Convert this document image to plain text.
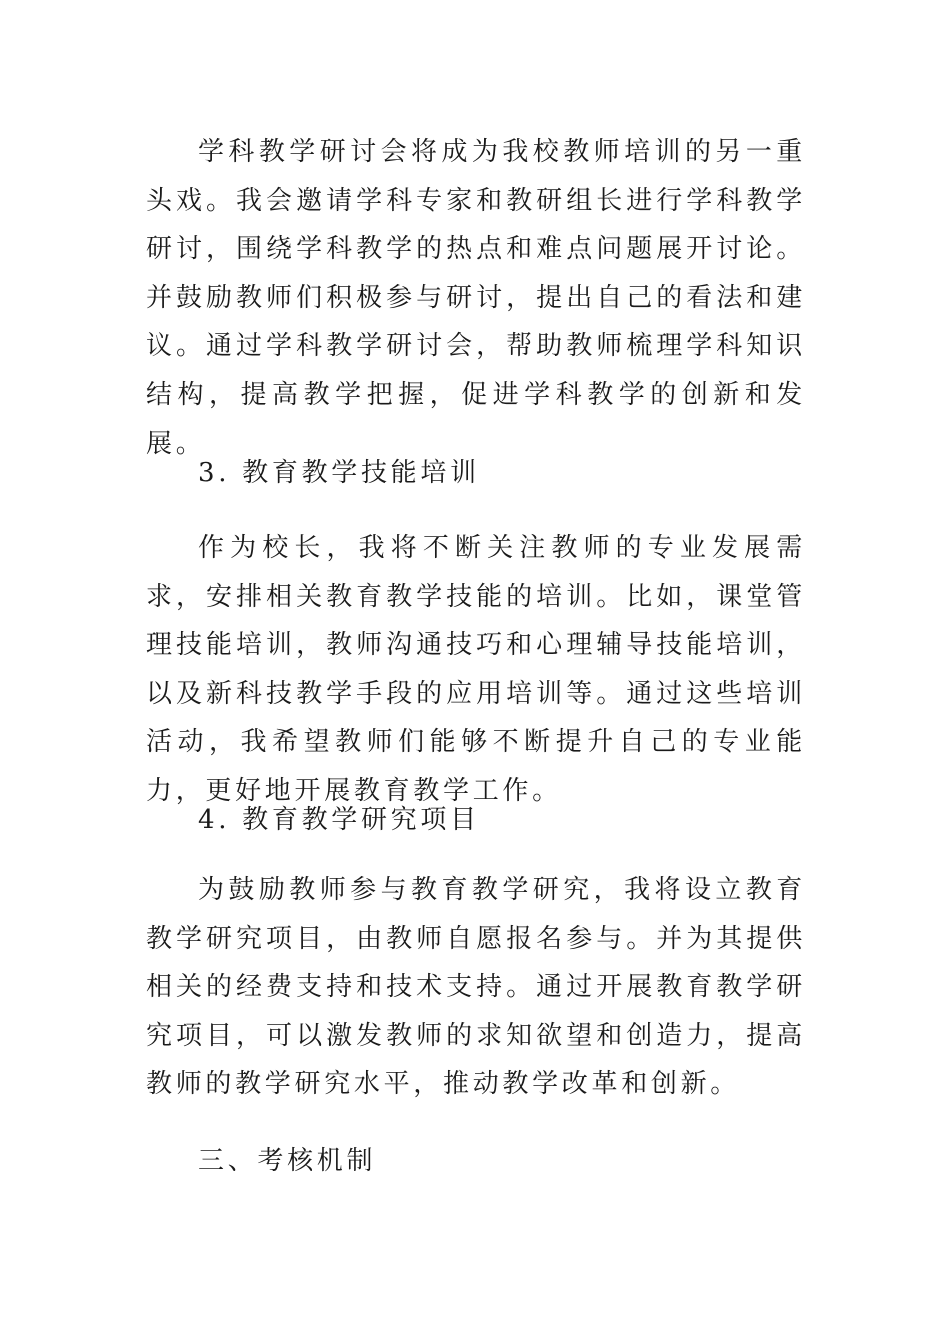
学科教学研讨会将成为我校教师培训的另一重头戏。我会邀请学科专家和教研组长进行学科教学研讨，围绕学科教学的热点和难点问题展开讨论。并鼓励教师们积极参与研讨，提出自己的看法和建议。通过学科教学研讨会，帮助教师梳理学科知识结构，提高教学把握，促进学科教学的创新和发展。

3. 教育教学技能培训

作为校长，我将不断关注教师的专业发展需求，安排相关教育教学技能的培训。比如，课堂管理技能培训，教师沟通技巧和心理辅导技能培训，以及新科技教学手段的应用培训等。通过这些培训活动，我希望教师们能够不断提升自己的专业能力，更好地开展教育教学工作。

4. 教育教学研究项目

为鼓励教师参与教育教学研究，我将设立教育教学研究项目，由教师自愿报名参与。并为其提供相关的经费支持和技术支持。通过开展教育教学研究项目，可以激发教师的求知欲望和创造力，提高教师的教学研究水平，推动教学改革和创新。

三、考核机制
